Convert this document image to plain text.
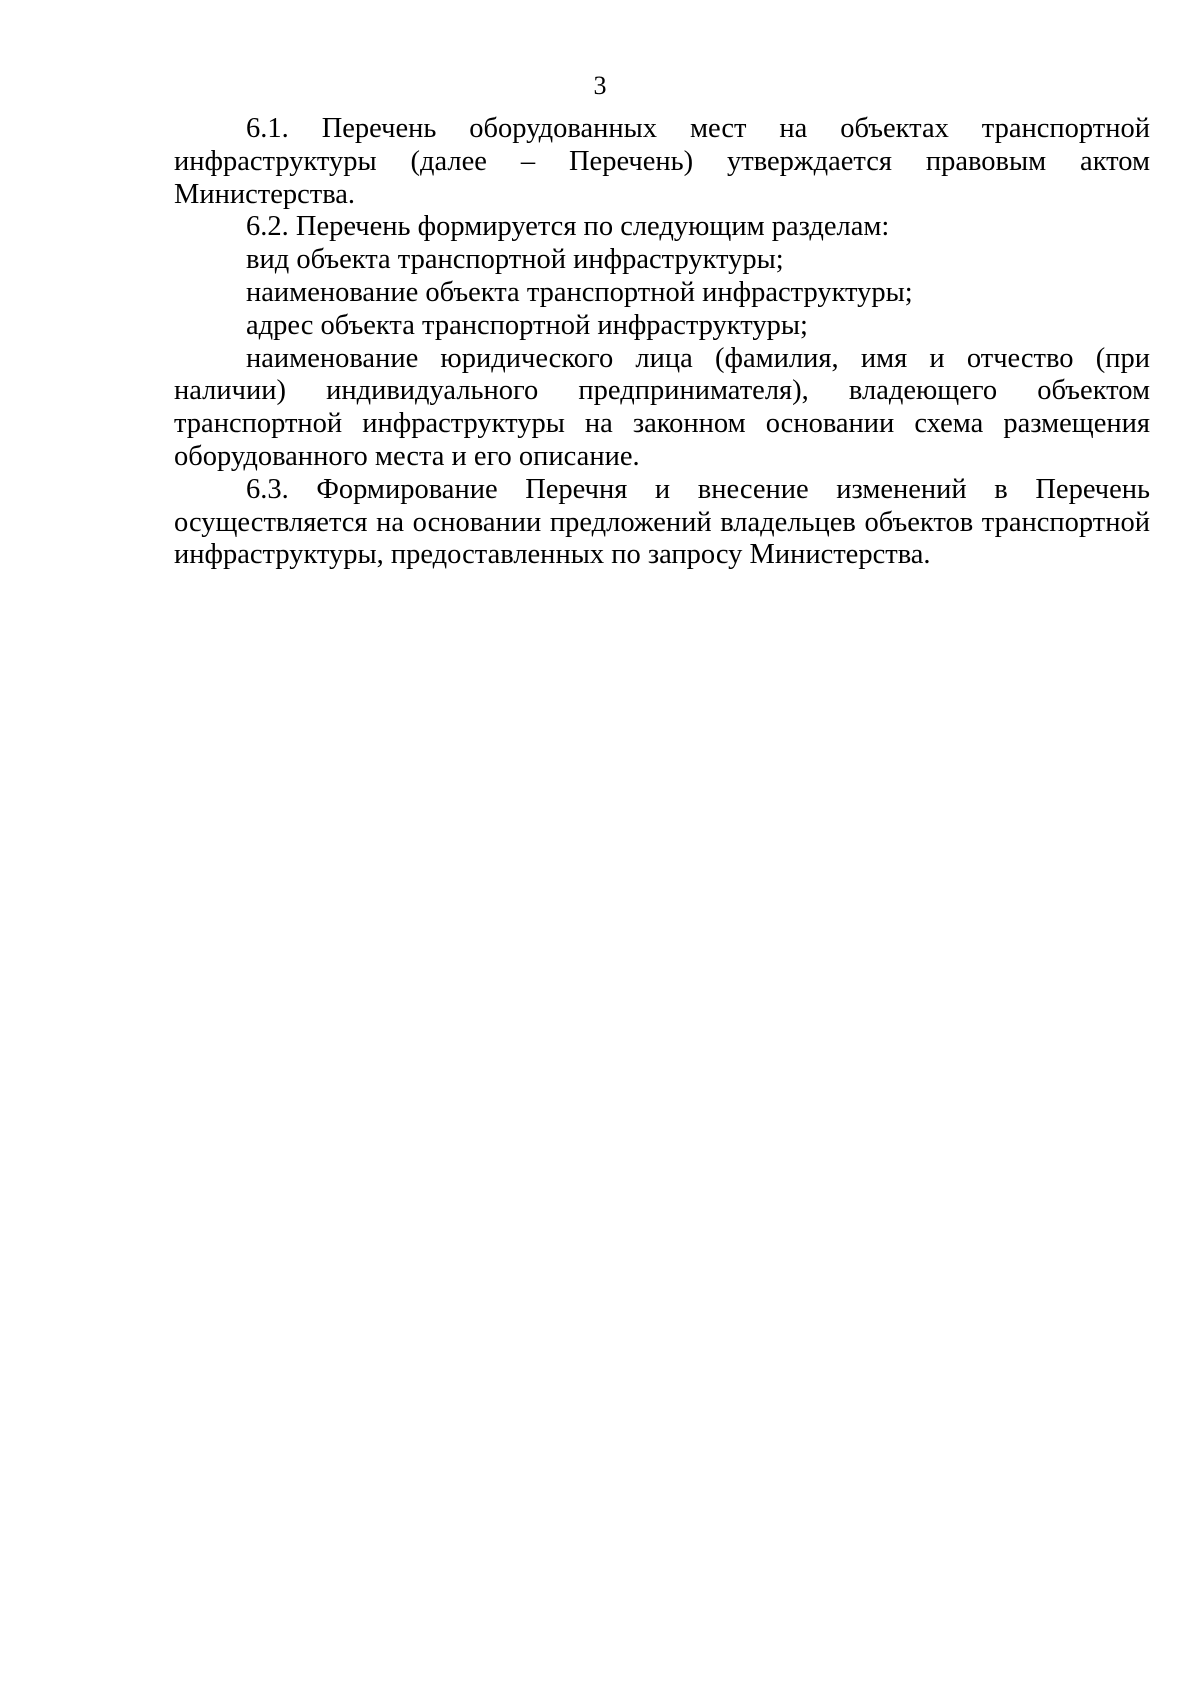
3

6.1. Перечень оборудованных мест на объектах транспортной инфраструктуры (далее – Перечень) утверждается правовым актом Министерства.

6.2. Перечень формируется по следующим разделам:

вид объекта транспортной инфраструктуры;

наименование объекта транспортной инфраструктуры;

адрес объекта транспортной инфраструктуры;

наименование юридического лица (фамилия, имя и отчество (при наличии) индивидуального предпринимателя), владеющего объектом транспортной инфраструктуры на законном основании схема размещения оборудованного места и его описание.

6.3. Формирование Перечня и внесение изменений в Перечень осуществляется на основании предложений владельцев объектов транспортной инфраструктуры, предоставленных по запросу Министерства.
